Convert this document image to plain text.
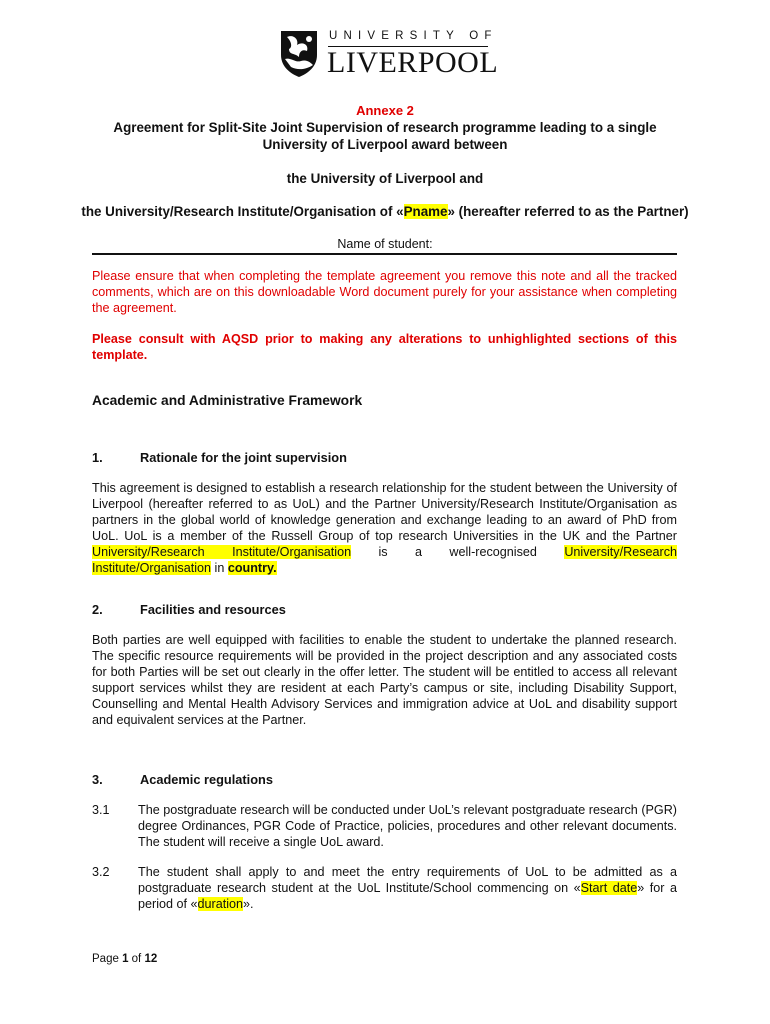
UNIVERSITY OF
LIVERPOOL
Annexe 2
Agreement for Split-Site Joint Supervision of research programme leading to a single University of Liverpool award between
the University of Liverpool and
the University/Research Institute/Organisation of «Pname» (hereafter referred to as the Partner)
Name of student:
Please ensure that when completing the template agreement you remove this note and all the tracked comments, which are on this downloadable Word document purely for your assistance when completing the agreement.
Please consult with AQSD prior to making any alterations to unhighlighted sections of this template.
Academic and Administrative Framework
1.	Rationale for the joint supervision
This agreement is designed to establish a research relationship for the student between the University of Liverpool (hereafter referred to as UoL) and the Partner University/Research Institute/Organisation as partners in the global world of knowledge generation and exchange leading to an award of PhD from UoL. UoL is a member of the Russell Group of top research Universities in the UK and the Partner University/Research Institute/Organisation is a well-recognised University/Research Institute/Organisation in country.
2.	Facilities and resources
Both parties are well equipped with facilities to enable the student to undertake the planned research. The specific resource requirements will be provided in the project description and any associated costs for both Parties will be set out clearly in the offer letter. The student will be entitled to access all relevant support services whilst they are resident at each Party’s campus or site, including Disability Support, Counselling and Mental Health Advisory Services and immigration advice at UoL and disability support and equivalent services at the Partner.
3.	Academic regulations
3.1	The postgraduate research will be conducted under UoL’s relevant postgraduate research (PGR) degree Ordinances, PGR Code of Practice, policies, procedures and other relevant documents. The student will receive a single UoL award.
3.2	The student shall apply to and meet the entry requirements of UoL to be admitted as a postgraduate research student at the UoL Institute/School commencing on «Start date» for a period of «duration».
Page 1 of 12
